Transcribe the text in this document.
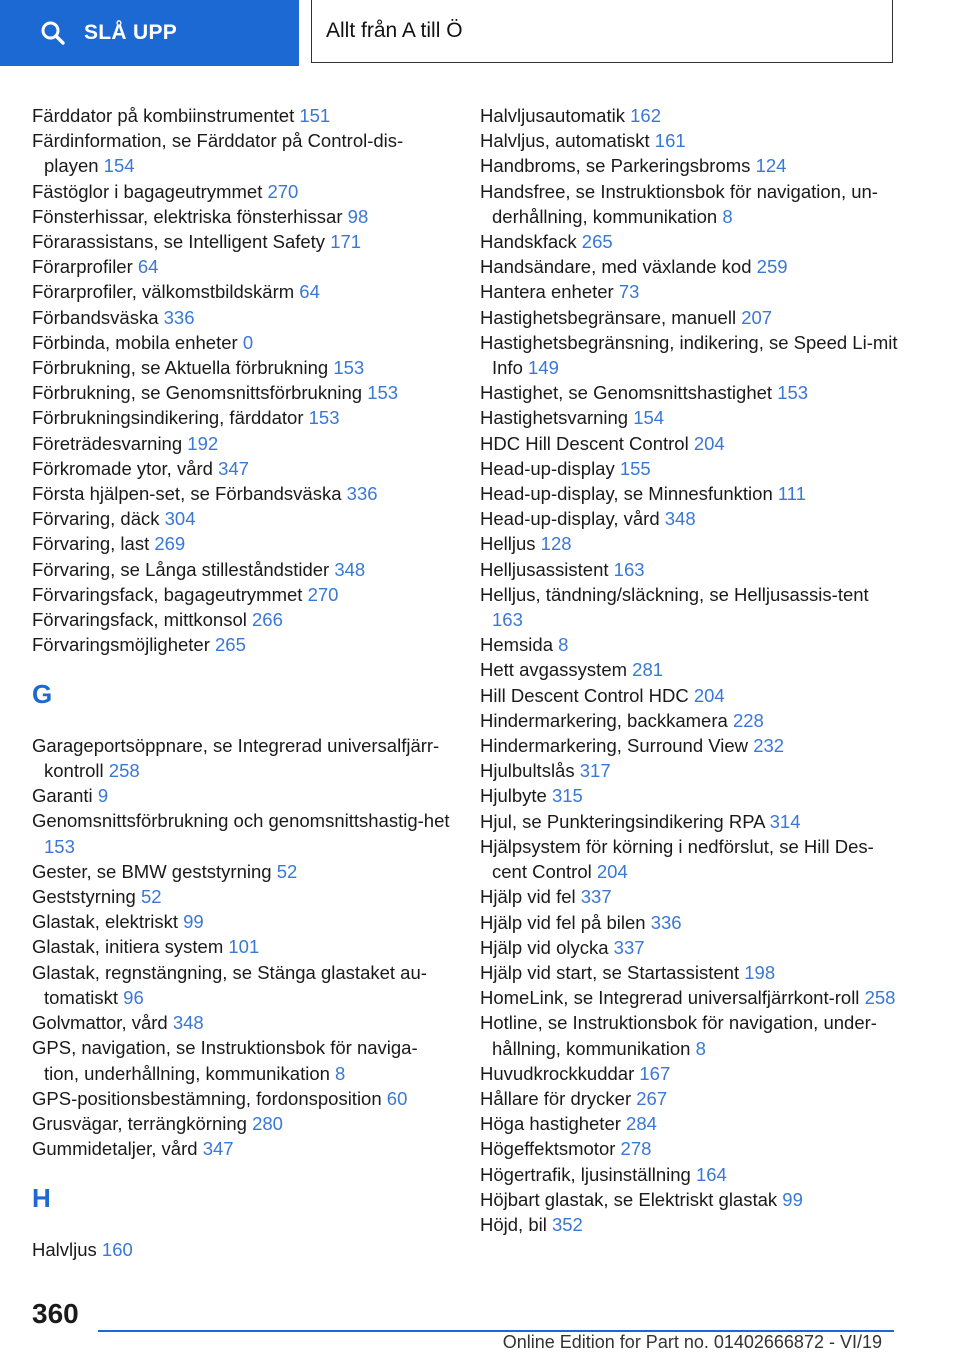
SLÅ UPP	Allt från A till Ö
Färddator på kombiinstrumentet 151
Färdinformation, se Färddator på Control-dis-playen 154
Fästöglor i bagageutrymmet 270
Fönsterhissar, elektriska fönsterhissar 98
Förarassistans, se Intelligent Safety 171
Förarprofiler 64
Förarprofiler, välkomstbildskärm 64
Förbandsväska 336
Förbinda, mobila enheter 0
Förbrukning, se Aktuella förbrukning 153
Förbrukning, se Genomsnittsförbrukning 153
Förbrukningsindikering, färddator 153
Företrädesvarning 192
Förkromade ytor, vård 347
Första hjälpen-set, se Förbandsväska 336
Förvaring, däck 304
Förvaring, last 269
Förvaring, se Långa stilleståndstider 348
Förvaringsfack, bagageutrymmet 270
Förvaringsfack, mittkonsol 266
Förvaringsmöjligheter 265
G
Garageportsöppnare, se Integrerad universalfjärr-kontroll 258
Garanti 9
Genomsnittsförbrukning och genomsnittshastig-het 153
Gester, se BMW geststyrning 52
Geststyrning 52
Glastak, elektriskt 99
Glastak, initiera system 101
Glastak, regnstängning, se Stänga glastaket au-tomatiskt 96
Golvmattor, vård 348
GPS, navigation, se Instruktionsbok för naviga-tion, underhållning, kommunikation 8
GPS-positionsbestämning, fordonsposition 60
Grusvägar, terrängkörning 280
Gummidetaljer, vård 347
H
Halvljus 160
Halvljusautomatik 162
Halvljus, automatiskt 161
Handbroms, se Parkeringsbroms 124
Handsfree, se Instruktionsbok för navigation, un-derhållning, kommunikation 8
Handskfack 265
Handsändare, med växlande kod 259
Hantera enheter 73
Hastighetsbegränsare, manuell 207
Hastighetsbegränsning, indikering, se Speed Li-mit Info 149
Hastighet, se Genomsnittshastighet 153
Hastighetsvarning 154
HDC Hill Descent Control 204
Head-up-display 155
Head-up-display, se Minnesfunktion 111
Head-up-display, vård 348
Helljus 128
Helljusassistent 163
Helljus, tändning/släckning, se Helljusassis-tent 163
Hemsida 8
Hett avgassystem 281
Hill Descent Control HDC 204
Hindermarkering, backkamera 228
Hindermarkering, Surround View 232
Hjulbultslås 317
Hjulbyte 315
Hjul, se Punkteringsindikering RPA 314
Hjälpsystem för körning i nedförslut, se Hill Des-cent Control 204
Hjälp vid fel 337
Hjälp vid fel på bilen 336
Hjälp vid olycka 337
Hjälp vid start, se Startassistent 198
HomeLink, se Integrerad universalfjärrkont-roll 258
Hotline, se Instruktionsbok för navigation, under-hållning, kommunikation 8
Huvudkrockkuddar 167
Hållare för drycker 267
Höga hastigheter 284
Högeffektsmotor 278
Högertrafik, ljusinställning 164
Höjbart glastak, se Elektriskt glastak 99
Höjd, bil 352
360
Online Edition for Part no. 01402666872 - VI/19
